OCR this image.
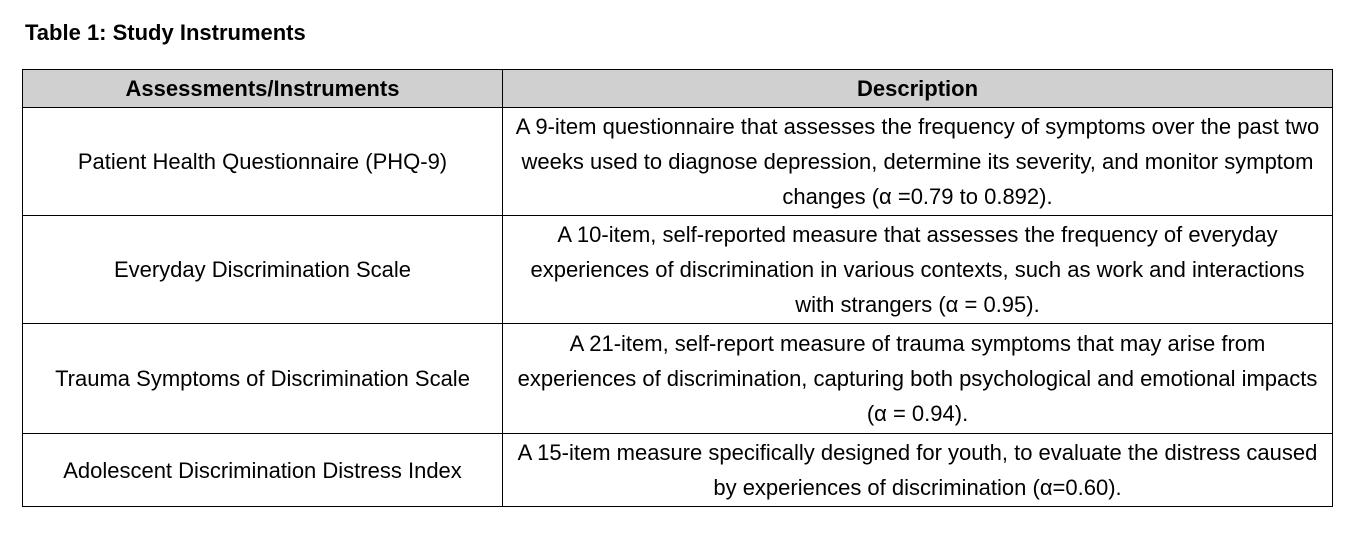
Table 1: Study Instruments
Assessments/Instruments	Description
Patient Health Questionnaire (PHQ-9)	A 9-item questionnaire that assesses the frequency of symptoms over the past two weeks used to diagnose depression, determine its severity, and monitor symptom changes (α =0.79 to 0.892).
Everyday Discrimination Scale	A 10-item, self-reported measure that assesses the frequency of everyday experiences of discrimination in various contexts, such as work and interactions with strangers (α = 0.95).
Trauma Symptoms of Discrimination Scale	A 21-item, self-report measure of trauma symptoms that may arise from experiences of discrimination, capturing both psychological and emotional impacts (α = 0.94).
Adolescent Discrimination Distress Index	A 15-item measure specifically designed for youth, to evaluate the distress caused by experiences of discrimination (α=0.60).
